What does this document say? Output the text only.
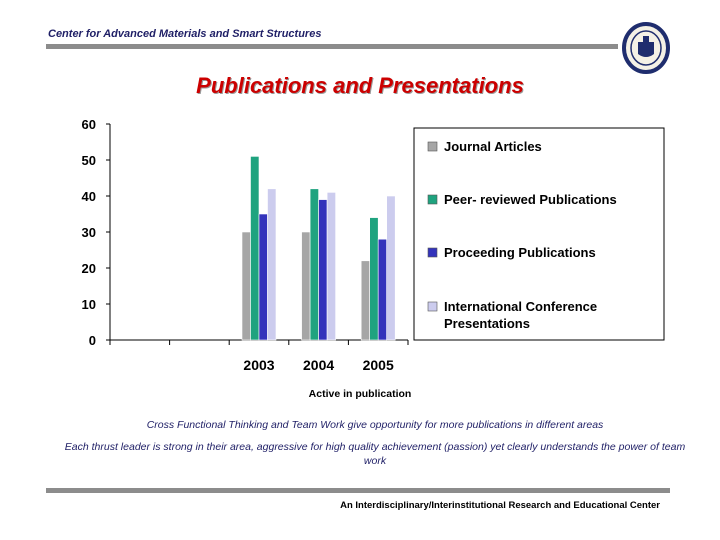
Center for Advanced Materials and Smart Structures
Publications and Presentations
0
10
20
30
40
50
60
2003 2004 2005
Journal Articles
Peer- reviewed Publications
Proceeding Publications
International Conference
Presentations
Active in publication
Cross Functional Thinking and Team Work give opportunity for more publications in different areas
Each thrust leader is strong in their area, aggressive for high quality achievement (passion) yet clearly understands the power of team work
An Interdisciplinary/Interinstitutional Research and Educational Center
